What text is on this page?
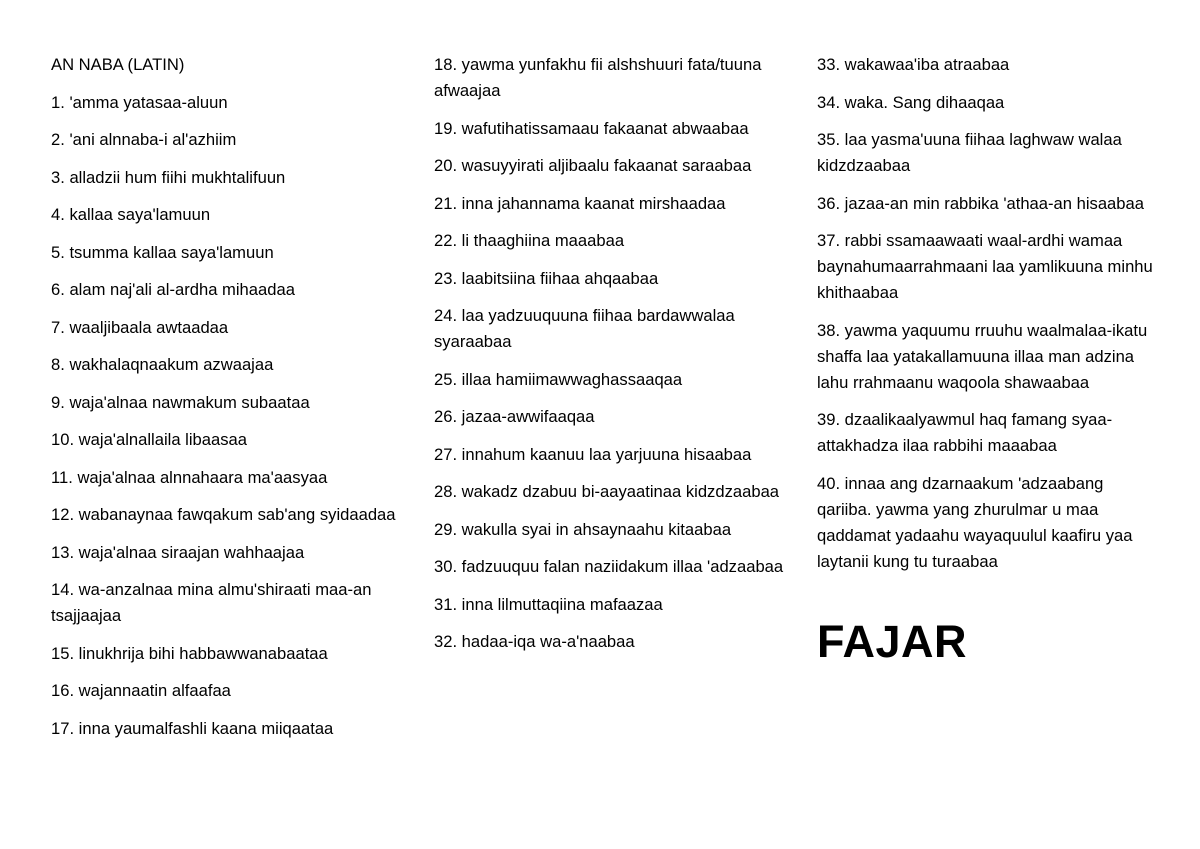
AN NABA (LATIN)
1. 'amma yatasaa-aluun
2. 'ani alnnaba-i al'azhiim
3. alladzii hum fiihi mukhtalifuun
4. kallaa saya'lamuun
5. tsumma kallaa saya'lamuun
6. alam naj'ali al-ardha mihaadaa
7. waaljibaala awtaadaa
8. wakhalaqnaakum azwaajaa
9. waja'alnaa nawmakum subaataa
10. waja'alnallaila libaasaa
11. waja'alnaa alnnahaara ma'aasyaa
12. wabanaynaa fawqakum sab'ang syidaadaa
13. waja'alnaa siraajan wahhaajaa
14. wa-anzalnaa mina almu'shiraati maa-an tsajjaajaa
15. linukhrija bihi habbawwanabaataa
16. wajannaatin alfaafaa
17. inna yaumalfashli kaana miiqaataa
18. yawma yunfakhu fii alshshuuri fata/tuuna afwaajaa
19. wafutihatissamaau fakaanat abwaabaa
20. wasuyyirati aljibaalu fakaanat saraabaa
21. inna jahannama kaanat mirshaadaa
22. li thaaghiina maaabaa
23. laabitsiina fiihaa ahqaabaa
24. laa yadzuuquuna fiihaa bardawwalaa syaraabaa
25. illaa hamiimawwaghassaaqaa
26. jazaa-awwifaaqaa
27. innahum kaanuu laa yarjuuna hisaabaa
28. wakadz dzabuu bi-aayaatinaa kidzdzaabaa
29. wakulla syai in ahsaynaahu kitaabaa
30. fadzuuquu falan naziidakum illaa 'adzaabaa
31. inna lilmuttaqiina mafaazaa
32. hadaa-iqa wa-a'naabaa
33. wakawaa'iba atraabaa
34. waka. Sang dihaaqaa
35. laa yasma'uuna fiihaa laghwaw walaa kidzdzaabaa
36. jazaa-an min rabbika 'athaa-an hisaabaa
37. rabbi ssamaawaati waal-ardhi wamaa baynahumaarrahmaani laa yamlikuuna minhu khithaabaa
38. yawma yaquumu rruuhu waalmalaa-ikatu shaffa laa yatakallamuuna illaa man adzina lahu rrahmaanu waqoola shawaabaa
39. dzaalikaalyawmul haq famang syaa-attakhadza ilaa rabbihi maaabaa
40. innaa ang dzarnaakum 'adzaabang qariiba. yawma yang zhurulmar u maa qaddamat yadaahu wayaquulul kaafiru yaa laytanii kung tu turaabaa
FAJAR
